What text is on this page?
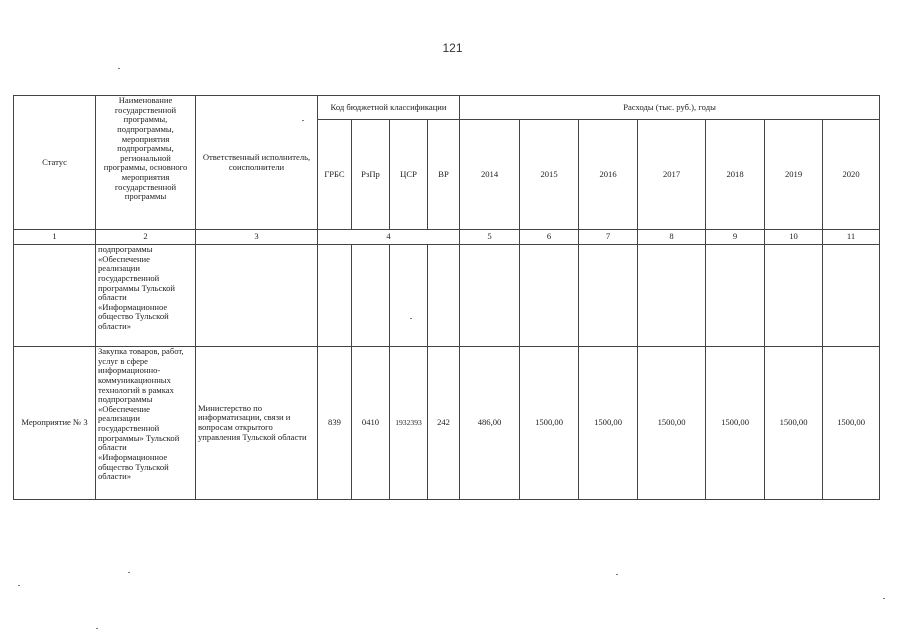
121
Статус	Наименование государственной программы, подпрограммы, мероприятия подпрограммы, региональной программы, основного мероприятия государственной программы	Ответственный исполнитель, соисполнители	Код бюджетной классификации				Расходы (тыс. руб.), годы						
			ГРБС	РзПр	ЦСР	ВР	2014	2015	2016	2017	2018	2019	2020
1	2	3	4				5	6	7	8	9	10	11
	подпрограммы «Обеспечение реализации государственной программы Тульской области «Информационное общество Тульской области»												
Мероприятие № 3	Закупка товаров, работ, услуг в сфере информационно-коммуникационных технологий в рамках подпрограммы «Обеспечение реализации государственной программы» Тульской области «Информационное общество Тульской области»	Министерство по информатизации, связи и вопросам открытого управления Тульской области	839	0410	1932393	242	486,00	1500,00	1500,00	1500,00	1500,00	1500,00	1500,00
